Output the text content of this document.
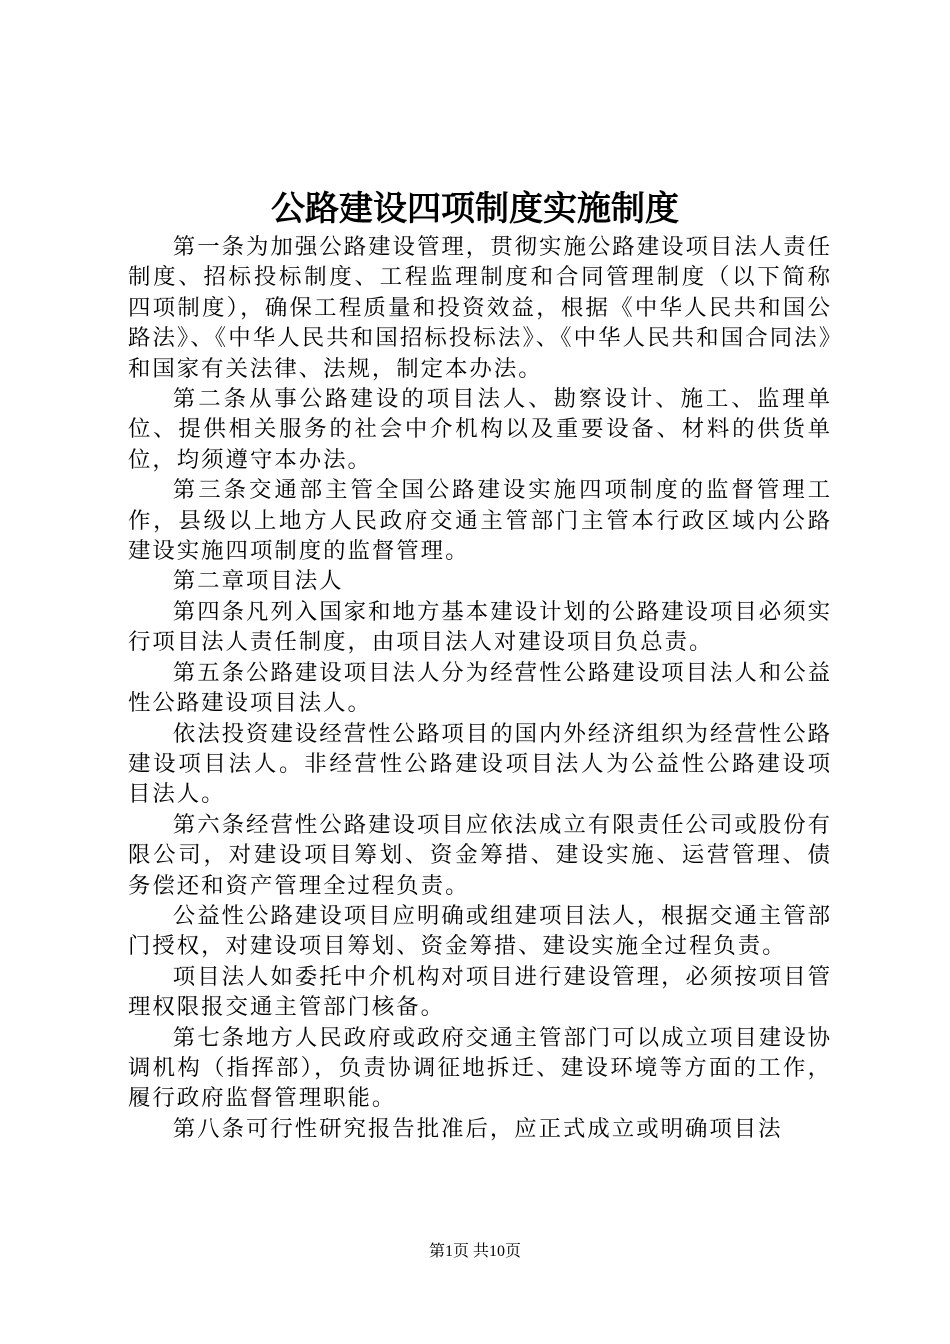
公路建设四项制度实施制度

第一条为加强公路建设管理，贯彻实施公路建设项目法人责任制度、招标投标制度、工程监理制度和合同管理制度（以下简称四项制度），确保工程质量和投资效益，根据《中华人民共和国公路法》、《中华人民共和国招标投标法》、《中华人民共和国合同法》和国家有关法律、法规，制定本办法。

第二条从事公路建设的项目法人、勘察设计、施工、监理单位、提供相关服务的社会中介机构以及重要设备、材料的供货单位，均须遵守本办法。

第三条交通部主管全国公路建设实施四项制度的监督管理工作，县级以上地方人民政府交通主管部门主管本行政区域内公路建设实施四项制度的监督管理。

第二章项目法人

第四条凡列入国家和地方基本建设计划的公路建设项目必须实行项目法人责任制度，由项目法人对建设项目负总责。

第五条公路建设项目法人分为经营性公路建设项目法人和公益性公路建设项目法人。

依法投资建设经营性公路项目的国内外经济组织为经营性公路建设项目法人。非经营性公路建设项目法人为公益性公路建设项目法人。

第六条经营性公路建设项目应依法成立有限责任公司或股份有限公司，对建设项目筹划、资金筹措、建设实施、运营管理、债务偿还和资产管理全过程负责。

公益性公路建设项目应明确或组建项目法人，根据交通主管部门授权，对建设项目筹划、资金筹措、建设实施全过程负责。

项目法人如委托中介机构对项目进行建设管理，必须按项目管理权限报交通主管部门核备。

第七条地方人民政府或政府交通主管部门可以成立项目建设协调机构（指挥部），负责协调征地拆迁、建设环境等方面的工作，履行政府监督管理职能。

第八条可行性研究报告批准后，应正式成立或明确项目法

第1页 共10页
